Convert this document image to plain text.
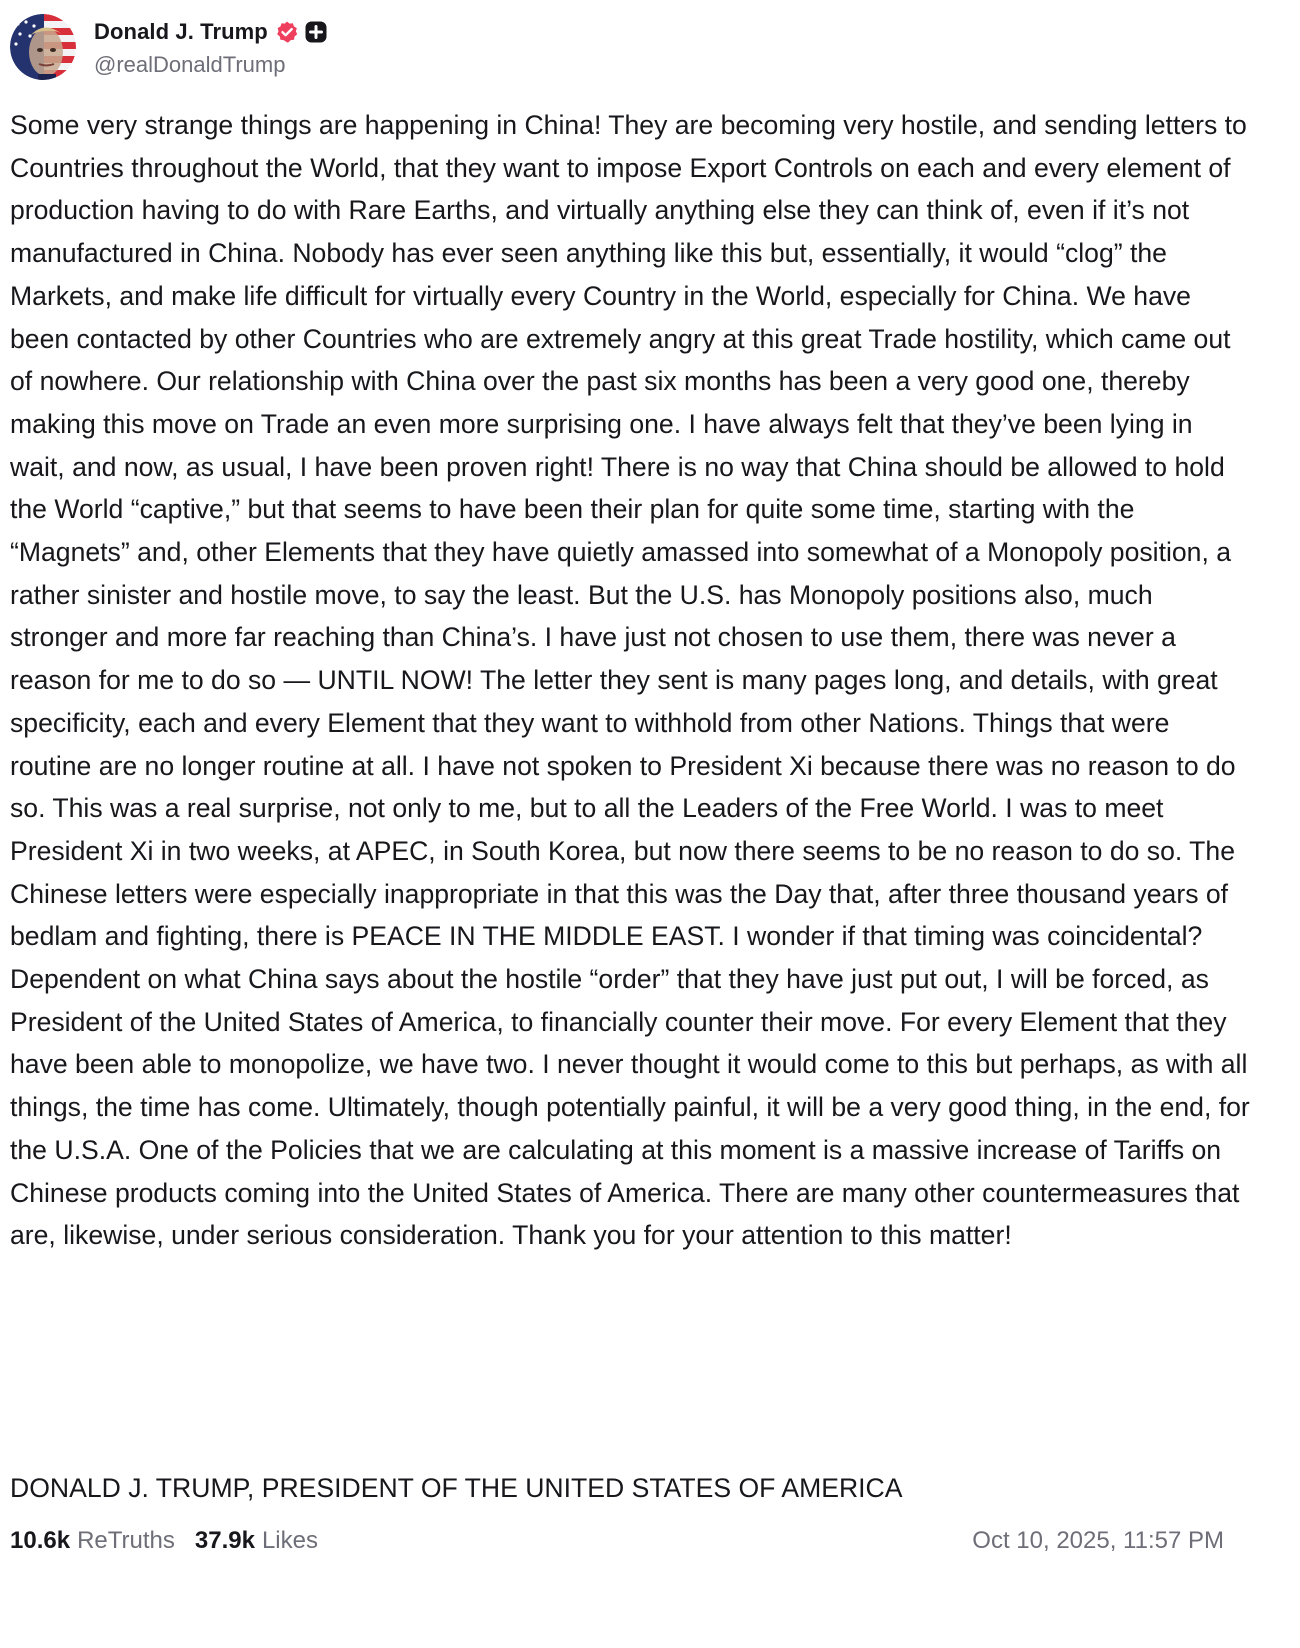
Donald J. Trump
@realDonaldTrump

Some very strange things are happening in China! They are becoming very hostile, and sending letters to Countries throughout the World, that they want to impose Export Controls on each and every element of production having to do with Rare Earths, and virtually anything else they can think of, even if it’s not manufactured in China. Nobody has ever seen anything like this but, essentially, it would “clog” the Markets, and make life difficult for virtually every Country in the World, especially for China. We have been contacted by other Countries who are extremely angry at this great Trade hostility, which came out of nowhere. Our relationship with China over the past six months has been a very good one, thereby making this move on Trade an even more surprising one. I have always felt that they’ve been lying in wait, and now, as usual, I have been proven right! There is no way that China should be allowed to hold the World “captive,” but that seems to have been their plan for quite some time, starting with the “Magnets” and, other Elements that they have quietly amassed into somewhat of a Monopoly position, a rather sinister and hostile move, to say the least. But the U.S. has Monopoly positions also, much stronger and more far reaching than China’s. I have just not chosen to use them, there was never a reason for me to do so — UNTIL NOW! The letter they sent is many pages long, and details, with great specificity, each and every Element that they want to withhold from other Nations. Things that were routine are no longer routine at all. I have not spoken to President Xi because there was no reason to do so. This was a real surprise, not only to me, but to all the Leaders of the Free World. I was to meet President Xi in two weeks, at APEC, in South Korea, but now there seems to be no reason to do so. The Chinese letters were especially inappropriate in that this was the Day that, after three thousand years of bedlam and fighting, there is PEACE IN THE MIDDLE EAST. I wonder if that timing was coincidental? Dependent on what China says about the hostile “order” that they have just put out, I will be forced, as President of the United States of America, to financially counter their move. For every Element that they have been able to monopolize, we have two. I never thought it would come to this but perhaps, as with all things, the time has come. Ultimately, though potentially painful, it will be a very good thing, in the end, for the U.S.A. One of the Policies that we are calculating at this moment is a massive increase of Tariffs on Chinese products coming into the United States of America. There are many other countermeasures that are, likewise, under serious consideration. Thank you for your attention to this matter!

DONALD J. TRUMP, PRESIDENT OF THE UNITED STATES OF AMERICA
10.6k ReTruths 37.9k Likes	Oct 10, 2025, 11:57 PM
